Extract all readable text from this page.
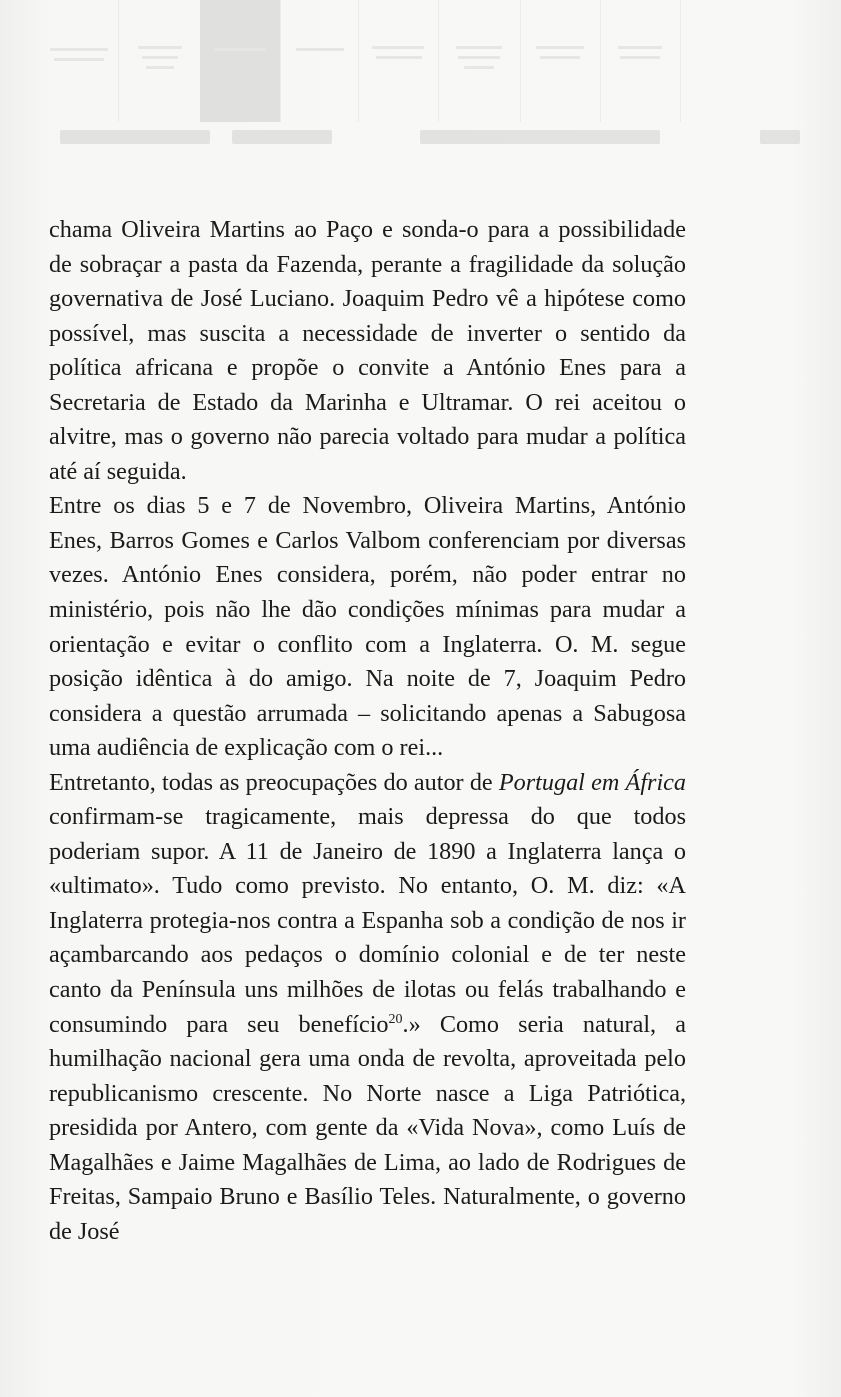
chama Oliveira Martins ao Paço e sonda-o para a possibilidade de sobraçar a pasta da Fazenda, perante a fragilidade da solução governativa de José Luciano. Joaquim Pedro vê a hipótese como possível, mas suscita a necessidade de inverter o sentido da política africana e propõe o convite a António Enes para a Secretaria de Estado da Marinha e Ultramar. O rei aceitou o alvitre, mas o governo não parecia voltado para mudar a política até aí seguida.

Entre os dias 5 e 7 de Novembro, Oliveira Martins, António Enes, Barros Gomes e Carlos Valbom conferenciam por diversas vezes. António Enes considera, porém, não poder entrar no ministério, pois não lhe dão condições mínimas para mudar a orientação e evitar o conflito com a Inglaterra. O. M. segue posição idêntica à do amigo. Na noite de 7, Joaquim Pedro considera a questão arrumada – solicitando apenas a Sabugosa uma audiência de explicação com o rei...

Entretanto, todas as preocupações do autor de Portugal em África confirmam-se tragicamente, mais depressa do que todos poderiam supor. A 11 de Janeiro de 1890 a Inglaterra lança o «ultimato». Tudo como previsto. No entanto, O. M. diz: «A Inglaterra protegia-nos contra a Espanha sob a condição de nos ir açambarcando aos pedaços o domínio colonial e de ter neste canto da Península uns milhões de ilotas ou felás trabalhando e consumindo para seu benefício$^{20}$.» Como seria natural, a humilhação nacional gera uma onda de revolta, aproveitada pelo republicanismo crescente. No Norte nasce a Liga Patriótica, presidida por Antero, com gente da «Vida Nova», como Luís de Magalhães e Jaime Magalhães de Lima, ao lado de Rodrigues de Freitas, Sampaio Bruno e Basílio Teles. Naturalmente, o governo de José
